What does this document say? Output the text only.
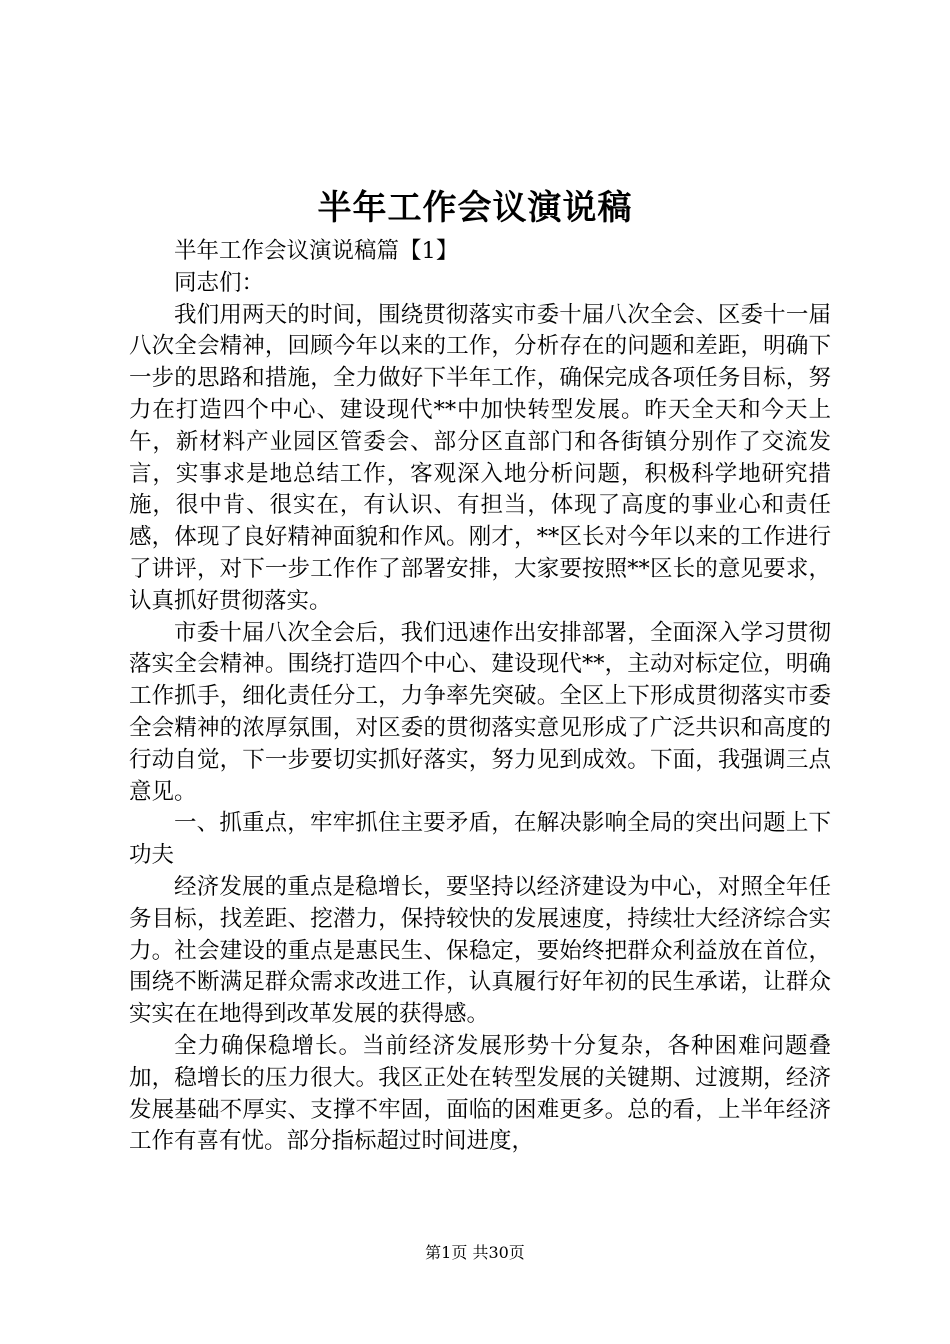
半年工作会议演说稿

半年工作会议演说稿篇【1】

同志们：

我们用两天的时间，围绕贯彻落实市委十届八次全会、区委十一届八次全会精神，回顾今年以来的工作，分析存在的问题和差距，明确下一步的思路和措施，全力做好下半年工作，确保完成各项任务目标，努力在打造四个中心、建设现代**中加快转型发展。昨天全天和今天上午，新材料产业园区管委会、部分区直部门和各街镇分别作了交流发言，实事求是地总结工作，客观深入地分析问题，积极科学地研究措施，很中肯、很实在，有认识、有担当，体现了高度的事业心和责任感，体现了良好精神面貌和作风。刚才，**区长对今年以来的工作进行了讲评，对下一步工作作了部署安排，大家要按照**区长的意见要求，认真抓好贯彻落实。

市委十届八次全会后，我们迅速作出安排部署，全面深入学习贯彻落实全会精神。围绕打造四个中心、建设现代**，主动对标定位，明确工作抓手，细化责任分工，力争率先突破。全区上下形成贯彻落实市委全会精神的浓厚氛围，对区委的贯彻落实意见形成了广泛共识和高度的行动自觉，下一步要切实抓好落实，努力见到成效。下面，我强调三点意见。

一、抓重点，牢牢抓住主要矛盾，在解决影响全局的突出问题上下功夫

经济发展的重点是稳增长，要坚持以经济建设为中心，对照全年任务目标，找差距、挖潜力，保持较快的发展速度，持续壮大经济综合实力。社会建设的重点是惠民生、保稳定，要始终把群众利益放在首位，围绕不断满足群众需求改进工作，认真履行好年初的民生承诺，让群众实实在在地得到改革发展的获得感。

全力确保稳增长。当前经济发展形势十分复杂，各种困难问题叠加，稳增长的压力很大。我区正处在转型发展的关键期、过渡期，经济发展基础不厚实、支撑不牢固，面临的困难更多。总的看，上半年经济工作有喜有忧。部分指标超过时间进度，

第1页 共30页
